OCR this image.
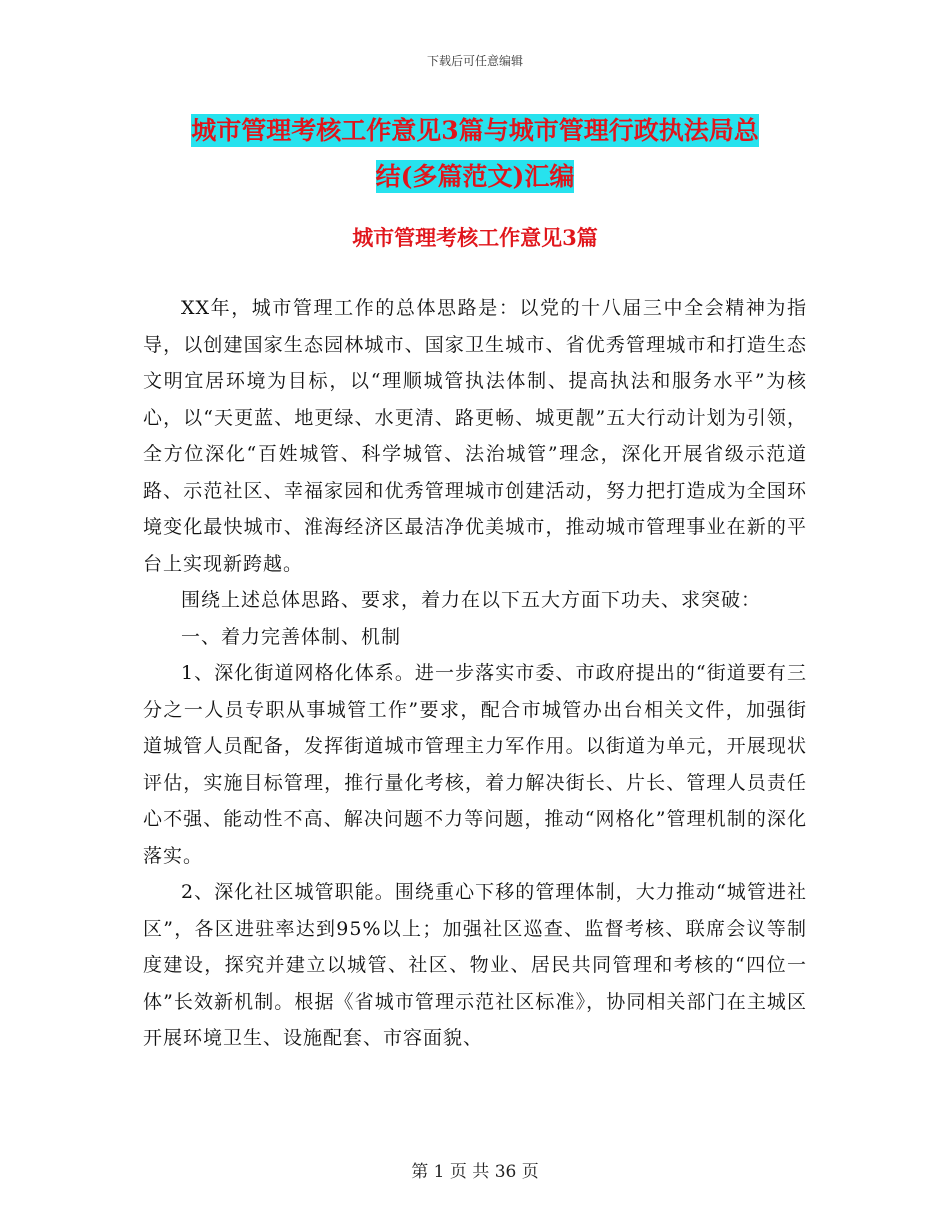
下载后可任意编辑
城市管理考核工作意见3篇与城市管理行政执法局总
结(多篇范文)汇编
城市管理考核工作意见3篇

XX年，城市管理工作的总体思路是：以党的十八届三中全会精神为指导，以创建国家生态园林城市、国家卫生城市、省优秀管理城市和打造生态文明宜居环境为目标，以“理顺城管执法体制、提高执法和服务水平”为核心，以“天更蓝、地更绿、水更清、路更畅、城更靓”五大行动计划为引领，全方位深化“百姓城管、科学城管、法治城管”理念，深化开展省级示范道路、示范社区、幸福家园和优秀管理城市创建活动，努力把打造成为全国环境变化最快城市、淮海经济区最洁净优美城市，推动城市管理事业在新的平台上实现新跨越。

围绕上述总体思路、要求，着力在以下五大方面下功夫、求突破：

一、着力完善体制、机制

1、深化街道网格化体系。进一步落实市委、市政府提出的“街道要有三分之一人员专职从事城管工作”要求，配合市城管办出台相关文件，加强街道城管人员配备，发挥街道城市管理主力军作用。以街道为单元，开展现状评估，实施目标管理，推行量化考核，着力解决街长、片长、管理人员责任心不强、能动性不高、解决问题不力等问题，推动“网格化”管理机制的深化落实。

2、深化社区城管职能。围绕重心下移的管理体制，大力推动“城管进社区”，各区进驻率达到95%以上；加强社区巡查、监督考核、联席会议等制度建设，探究并建立以城管、社区、物业、居民共同管理和考核的“四位一体”长效新机制。根据《省城市管理示范社区标准》，协同相关部门在主城区开展环境卫生、设施配套、市容面貌、

第 1 页 共 36 页
